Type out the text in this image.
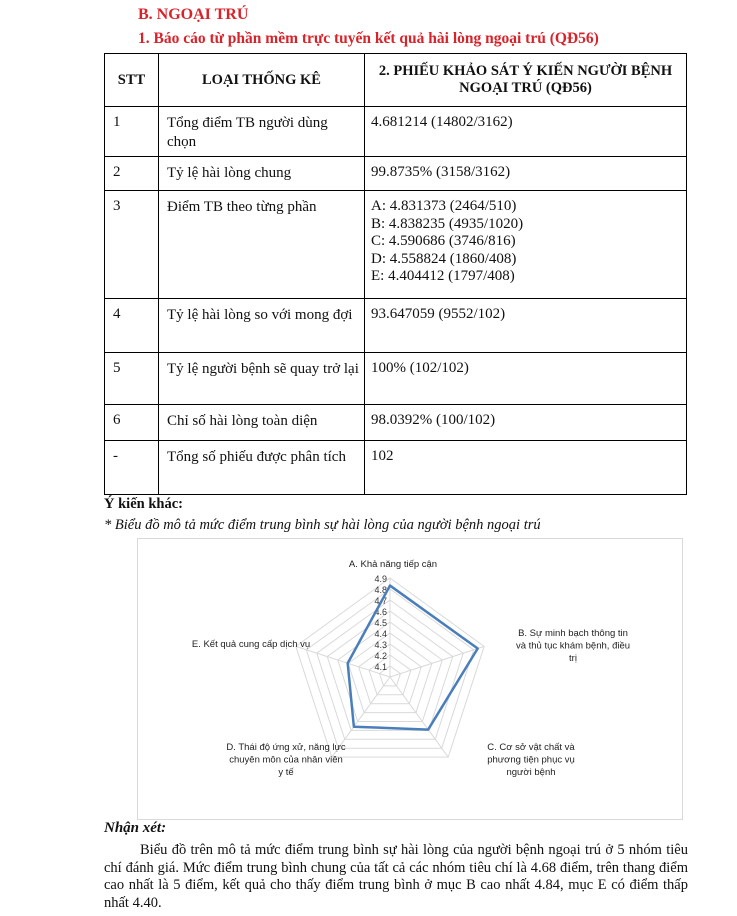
B. NGOẠI TRÚ
1. Báo cáo từ phần mềm trực tuyến kết quả hài lòng ngoại trú (QĐ56)
STT	LOẠI THỐNG KÊ	2. PHIẾU KHẢO SÁT Ý KIẾN NGƯỜI BỆNH NGOẠI TRÚ (QĐ56)
1	Tổng điểm TB người dùng chọn	4.681214 (14802/3162)
2	Tỷ lệ hài lòng chung	99.8735% (3158/3162)
3	Điểm TB theo từng phần	A: 4.831373 (2464/510)
B: 4.838235 (4935/1020)
C: 4.590686 (3746/816)
D: 4.558824 (1860/408)
E: 4.404412 (1797/408)

4	Tỷ lệ hài lòng so với mong đợi	93.647059 (9552/102)
5	Tỷ lệ người bệnh sẽ quay trở lại	100% (102/102)
6	Chỉ số hài lòng toàn diện	98.0392% (100/102)
-	Tổng số phiếu được phân tích	102
Ý kiến khác:
* Biểu đồ mô tả mức điểm trung bình sự hài lòng của người bệnh ngoại trú
4.1
4.2
4.3
4.4
4.5
4.6
4.7
4.8
4.9
A. Khả năng tiếp cận
B. Sự minh bạch thông tin và thủ tục khám bệnh, điều trị
C. Cơ sở vật chất và phương tiện phục vụ người bệnh
D. Thái độ ứng xử, năng lực chuyên môn của nhân viên y tế
E. Kết quả cung cấp dịch vụ
Nhận xét:
Biểu đồ trên mô tả mức điểm trung bình sự hài lòng của người bệnh ngoại trú ở 5 nhóm tiêu chí đánh giá. Mức điểm trung bình chung của tất cả các nhóm tiêu chí là 4.68 điểm, trên thang điểm cao nhất là 5 điểm, kết quả cho thấy điểm trung bình ở mục B cao nhất 4.84, mục E có điểm thấp nhất 4.40.
